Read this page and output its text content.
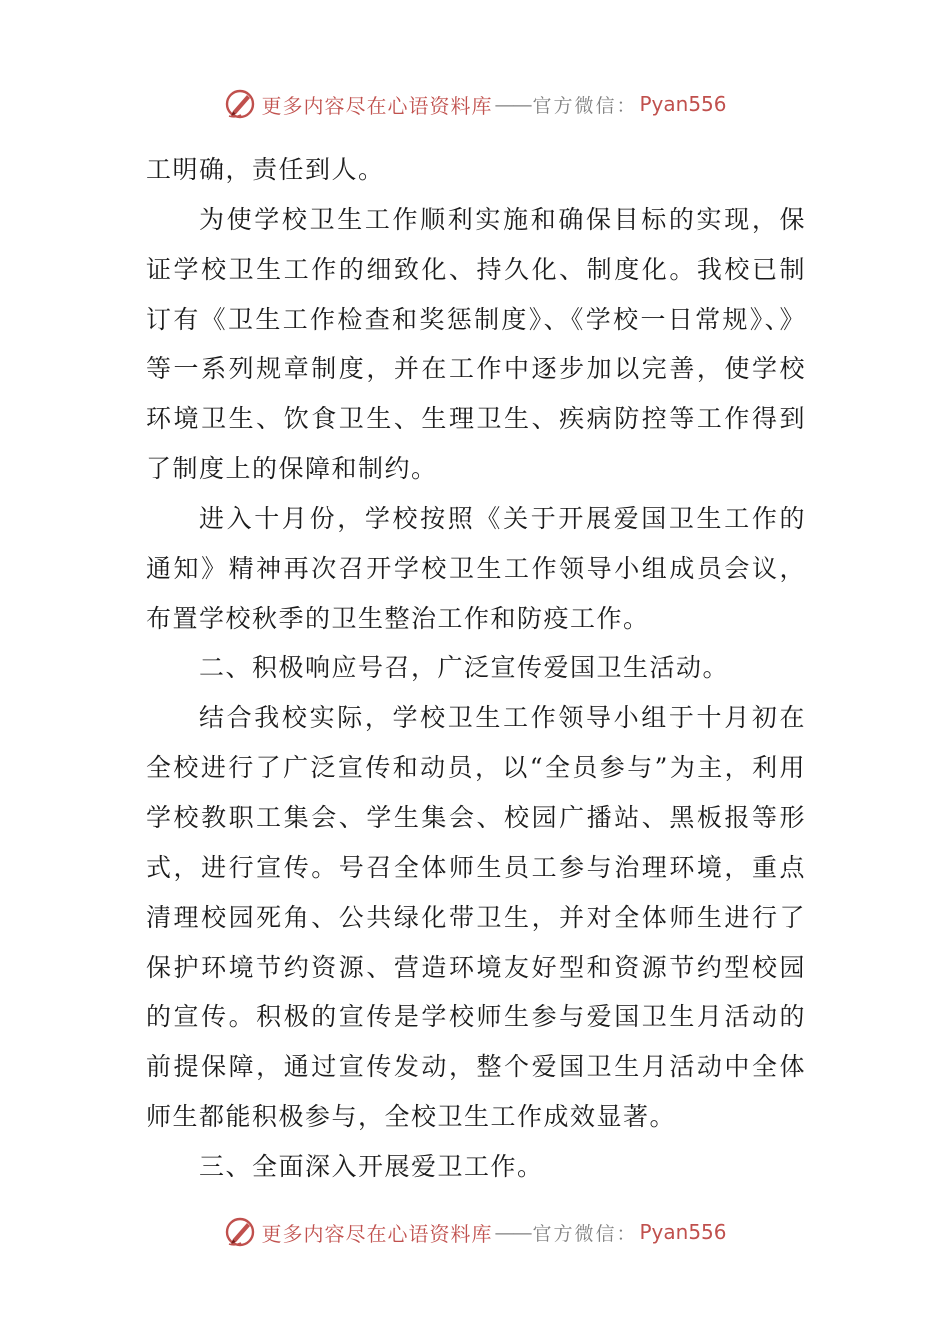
更多内容尽在心语资料库 —— 官方微信： Pyan556

工明确，责任到人。

为使学校卫生工作顺利实施和确保目标的实现，保证学校卫生工作的细致化、持久化、制度化。我校已制订有《卫生工作检查和奖惩制度》、《学校一日常规》、》等一系列规章制度，并在工作中逐步加以完善，使学校环境卫生、饮食卫生、生理卫生、疾病防控等工作得到了制度上的保障和制约。

进入十月份，学校按照《关于开展爱国卫生工作的通知》精神再次召开学校卫生工作领导小组成员会议，布置学校秋季的卫生整治工作和防疫工作。

二、积极响应号召，广泛宣传爱国卫生活动。

结合我校实际，学校卫生工作领导小组于十月初在全校进行了广泛宣传和动员，以“全员参与”为主，利用学校教职工集会、学生集会、校园广播站、黑板报等形式，进行宣传。号召全体师生员工参与治理环境，重点清理校园死角、公共绿化带卫生，并对全体师生进行了保护环境节约资源、营造环境友好型和资源节约型校园的宣传。积极的宣传是学校师生参与爱国卫生月活动的前提保障，通过宣传发动，整个爱国卫生月活动中全体师生都能积极参与，全校卫生工作成效显著。

三、全面深入开展爱卫工作。

更多内容尽在心语资料库 —— 官方微信： Pyan556
